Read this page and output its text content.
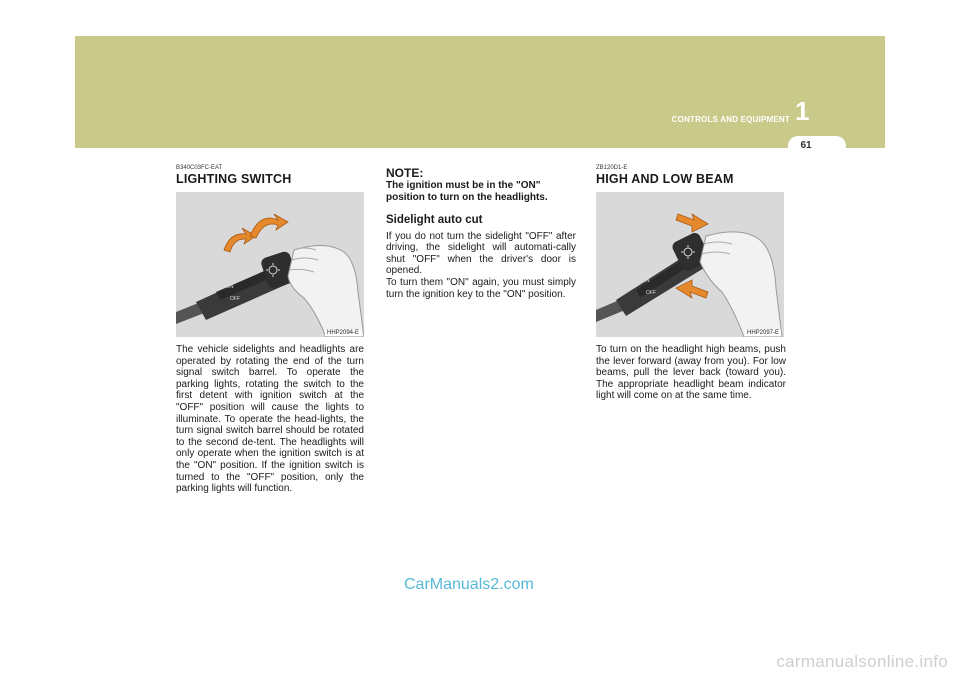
CONTROLS AND EQUIPMENT 1
61
B340C03FC-EAT
LIGHTING SWITCH
ON
OFF
HHP2094-E
The vehicle sidelights and headlights are operated by rotating the end of the turn signal switch barrel. To operate the parking lights, rotating the switch to the first detent with ignition switch at the "OFF" position will cause the lights to illuminate. To operate the head-lights, the turn signal switch barrel should be rotated to the second de-tent. The headlights will only operate when the ignition switch is at the "ON" position. If the ignition switch is turned to the "OFF" position, only the parking lights will function.
NOTE:
The ignition must be in the "ON" position to turn on the headlights.
Sidelight auto cut
If you do not turn the sidelight "OFF" after driving, the sidelight will automati-cally shut "OFF" when the driver's door is opened.
To turn them "ON" again, you must simply turn the ignition key to the "ON" position.
ZB120D1-E
HIGH AND LOW BEAM
ON
OFF
HHP2097-E
To turn on the headlight high beams, push the lever forward (away from you). For low beams, pull the lever back (toward you). The appropriate headlight beam indicator light will come on at the same time.
CarManuals2.com
carmanualsonline.info
